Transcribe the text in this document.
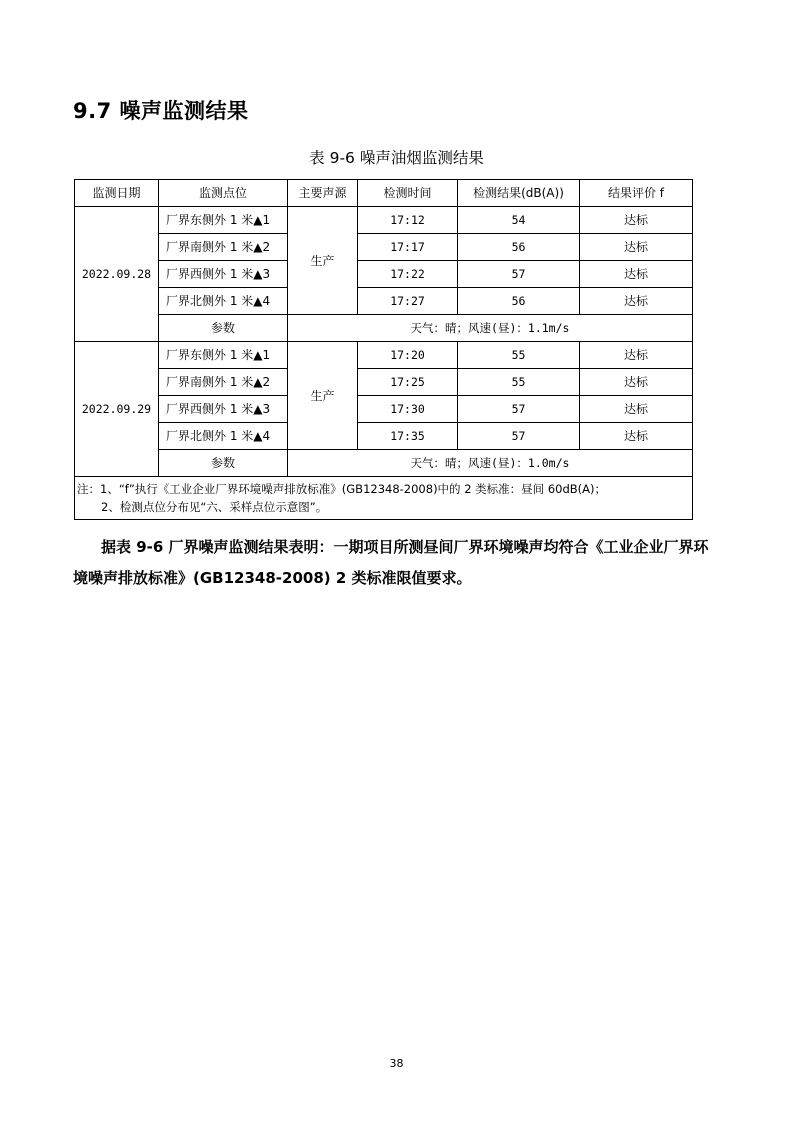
9.7 噪声监测结果
表 9-6 噪声油烟监测结果
监测日期	监测点位	主要声源	检测时间	检测结果(dB(A))	结果评价 f
2022.09.28	厂界东侧外 1 米▲1	生产	17:12	54	达标
	厂界南侧外 1 米▲2		17:17	56	达标
	厂界西侧外 1 米▲3		17:22	57	达标
	厂界北侧外 1 米▲4		17:27	56	达标
	参数	天气：晴；风速(昼)：1.1m/s			
2022.09.29	厂界东侧外 1 米▲1	生产	17:20	55	达标
	厂界南侧外 1 米▲2		17:25	55	达标
	厂界西侧外 1 米▲3		17:30	57	达标
	厂界北侧外 1 米▲4		17:35	57	达标
	参数	天气：晴；风速(昼)：1.0m/s			

注：1、“f”执行《工业企业厂界环境噪声排放标准》(GB12348-2008)中的 2 类标准：昼间 60dB(A)；
2、检测点位分布见“六、采样点位示意图”。					
据表 9-6 厂界噪声监测结果表明：一期项目所测昼间厂界环境噪声均符合《工业企业厂界环境噪声排放标准》(GB12348-2008) 2 类标准限值要求。
38
